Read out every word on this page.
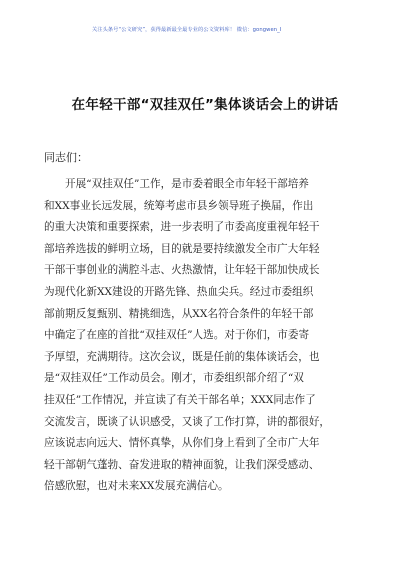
关注头条号“公文研究”，获得最新最全最专业的公文资料库！ 微信：gongwen_I
在年轻干部“双挂双任”集体谈话会上的讲话
同志们：
开展“双挂双任”工作，是市委着眼全市年轻干部培养
和XX事业长远发展，统筹考虑市县乡领导班子换届，作出
的重大决策和重要探索，进一步表明了市委高度重视年轻干
部培养选拔的鲜明立场，目的就是要持续激发全市广大年轻
干部干事创业的满腔斗志、火热激情，让年轻干部加快成长
为现代化新XX建设的开路先锋、热血尖兵。经过市委组织
部前期反复甄别、精挑细选，从XX名符合条件的年轻干部
中确定了在座的首批“双挂双任”人选。对于你们，市委寄
予厚望，充满期待。这次会议，既是任前的集体谈话会，也
是“双挂双任”工作动员会。刚才，市委组织部介绍了“双
挂双任”工作情况，并宣读了有关干部名单；XXX同志作了
交流发言，既谈了认识感受，又谈了工作打算，讲的都很好，
应该说志向远大、情怀真挚，从你们身上看到了全市广大年
轻干部朝气蓬勃、奋发进取的精神面貌，让我们深受感动、
倍感欣慰，也对未来XX发展充满信心。
